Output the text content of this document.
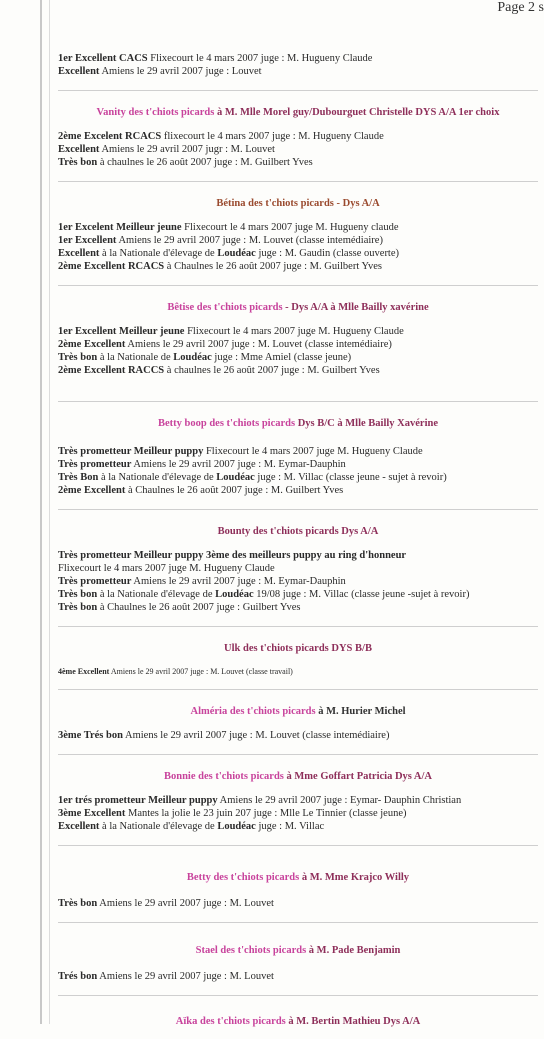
Page 2 s

1er Excellent CACS Flixecourt le 4 mars 2007 juge : M. Hugueny Claude

Excellent Amiens le 29 avril 2007 juge : Louvet

Vanity des t'chiots picards à M. Mlle Morel guy/Dubourguet Christelle DYS A/A 1er choix

2ème Excelent RCACS flixecourt le 4 mars 2007 juge : M. Hugueny Claude

Excellent Amiens le 29 avril 2007 jugr : M. Louvet

Très bon à chaulnes le 26 août 2007 juge : M. Guilbert Yves

Bétina des t'chiots picards - Dys A/A

1er Excelent Meilleur jeune Flixecourt le 4 mars 2007 juge M. Hugueny claude

1er Excellent Amiens le 29 avril 2007 juge : M. Louvet (classe intemédiaire)

Excellent à la Nationale d'élevage de Loudéac juge : M. Gaudin (classe ouverte)

2ème Excellent RCACS à Chaulnes le 26 août 2007 juge : M. Guilbert Yves

Bêtise des t'chiots picards - Dys A/A à Mlle Bailly xavérine

1er Excellent Meilleur jeune Flixecourt le 4 mars 2007 juge M. Hugueny Claude

2ème Excellent Amiens le 29 avril 2007 juge : M. Louvet (classe intemédiaire)

Très bon à la Nationale de Loudéac juge : Mme Amiel (classe jeune)

2ème Excellent RACCS à chaulnes le 26 août 2007 juge : M. Guilbert Yves

Betty boop des t'chiots picards Dys B/C à Mlle Bailly Xavérine

Très prometteur Meilleur puppy Flixecourt le 4 mars 2007 juge M. Hugueny Claude

Très prometteur Amiens le 29 avril 2007 juge : M. Eymar-Dauphin

Très Bon à la Nationale d'élevage de Loudéac juge : M. Villac (classe jeune - sujet à revoir)

2ème Excellent à Chaulnes le 26 août 2007 juge : M. Guilbert Yves

Bounty des t'chiots picards Dys A/A

Très prometteur Meilleur puppy 3ème des meilleurs puppy au ring d'honneur

Flixecourt le 4 mars 2007 juge M. Hugueny Claude

Très prometteur Amiens le 29 avril 2007 juge : M. Eymar-Dauphin

Très bon à la Nationale d'élevage de Loudéac 19/08 juge : M. Villac (classe jeune -sujet à revoir)

Très bon à Chaulnes le 26 août 2007 juge : Guilbert Yves

Ulk des t'chiots picards DYS B/B

4ème Excellent Amiens le 29 avril 2007 juge : M. Louvet (classe travail)

Alméria des t'chiots picards à M. Hurier Michel

3ème Trés bon Amiens le 29 avril 2007 juge : M. Louvet (classe intemédiaire)

Bonnie des t'chiots picards à Mme Goffart Patricia Dys A/A

1er trés prometteur Meilleur puppy Amiens le 29 avril 2007 juge : Eymar- Dauphin Christian

3ème Excellent Mantes la jolie le 23 juin 207 juge : Mlle Le Tinnier (classe jeune)

Excellent à la Nationale d'élevage de Loudéac juge : M. Villac

Betty des t'chiots picards à M. Mme Krajco Willy

Très bon Amiens le 29 avril 2007 juge : M. Louvet

Stael des t'chiots picards à M. Pade Benjamin

Trés bon Amiens le 29 avril 2007 juge : M. Louvet

Aïka des t'chiots picards à M. Bertin Mathieu Dys A/A
